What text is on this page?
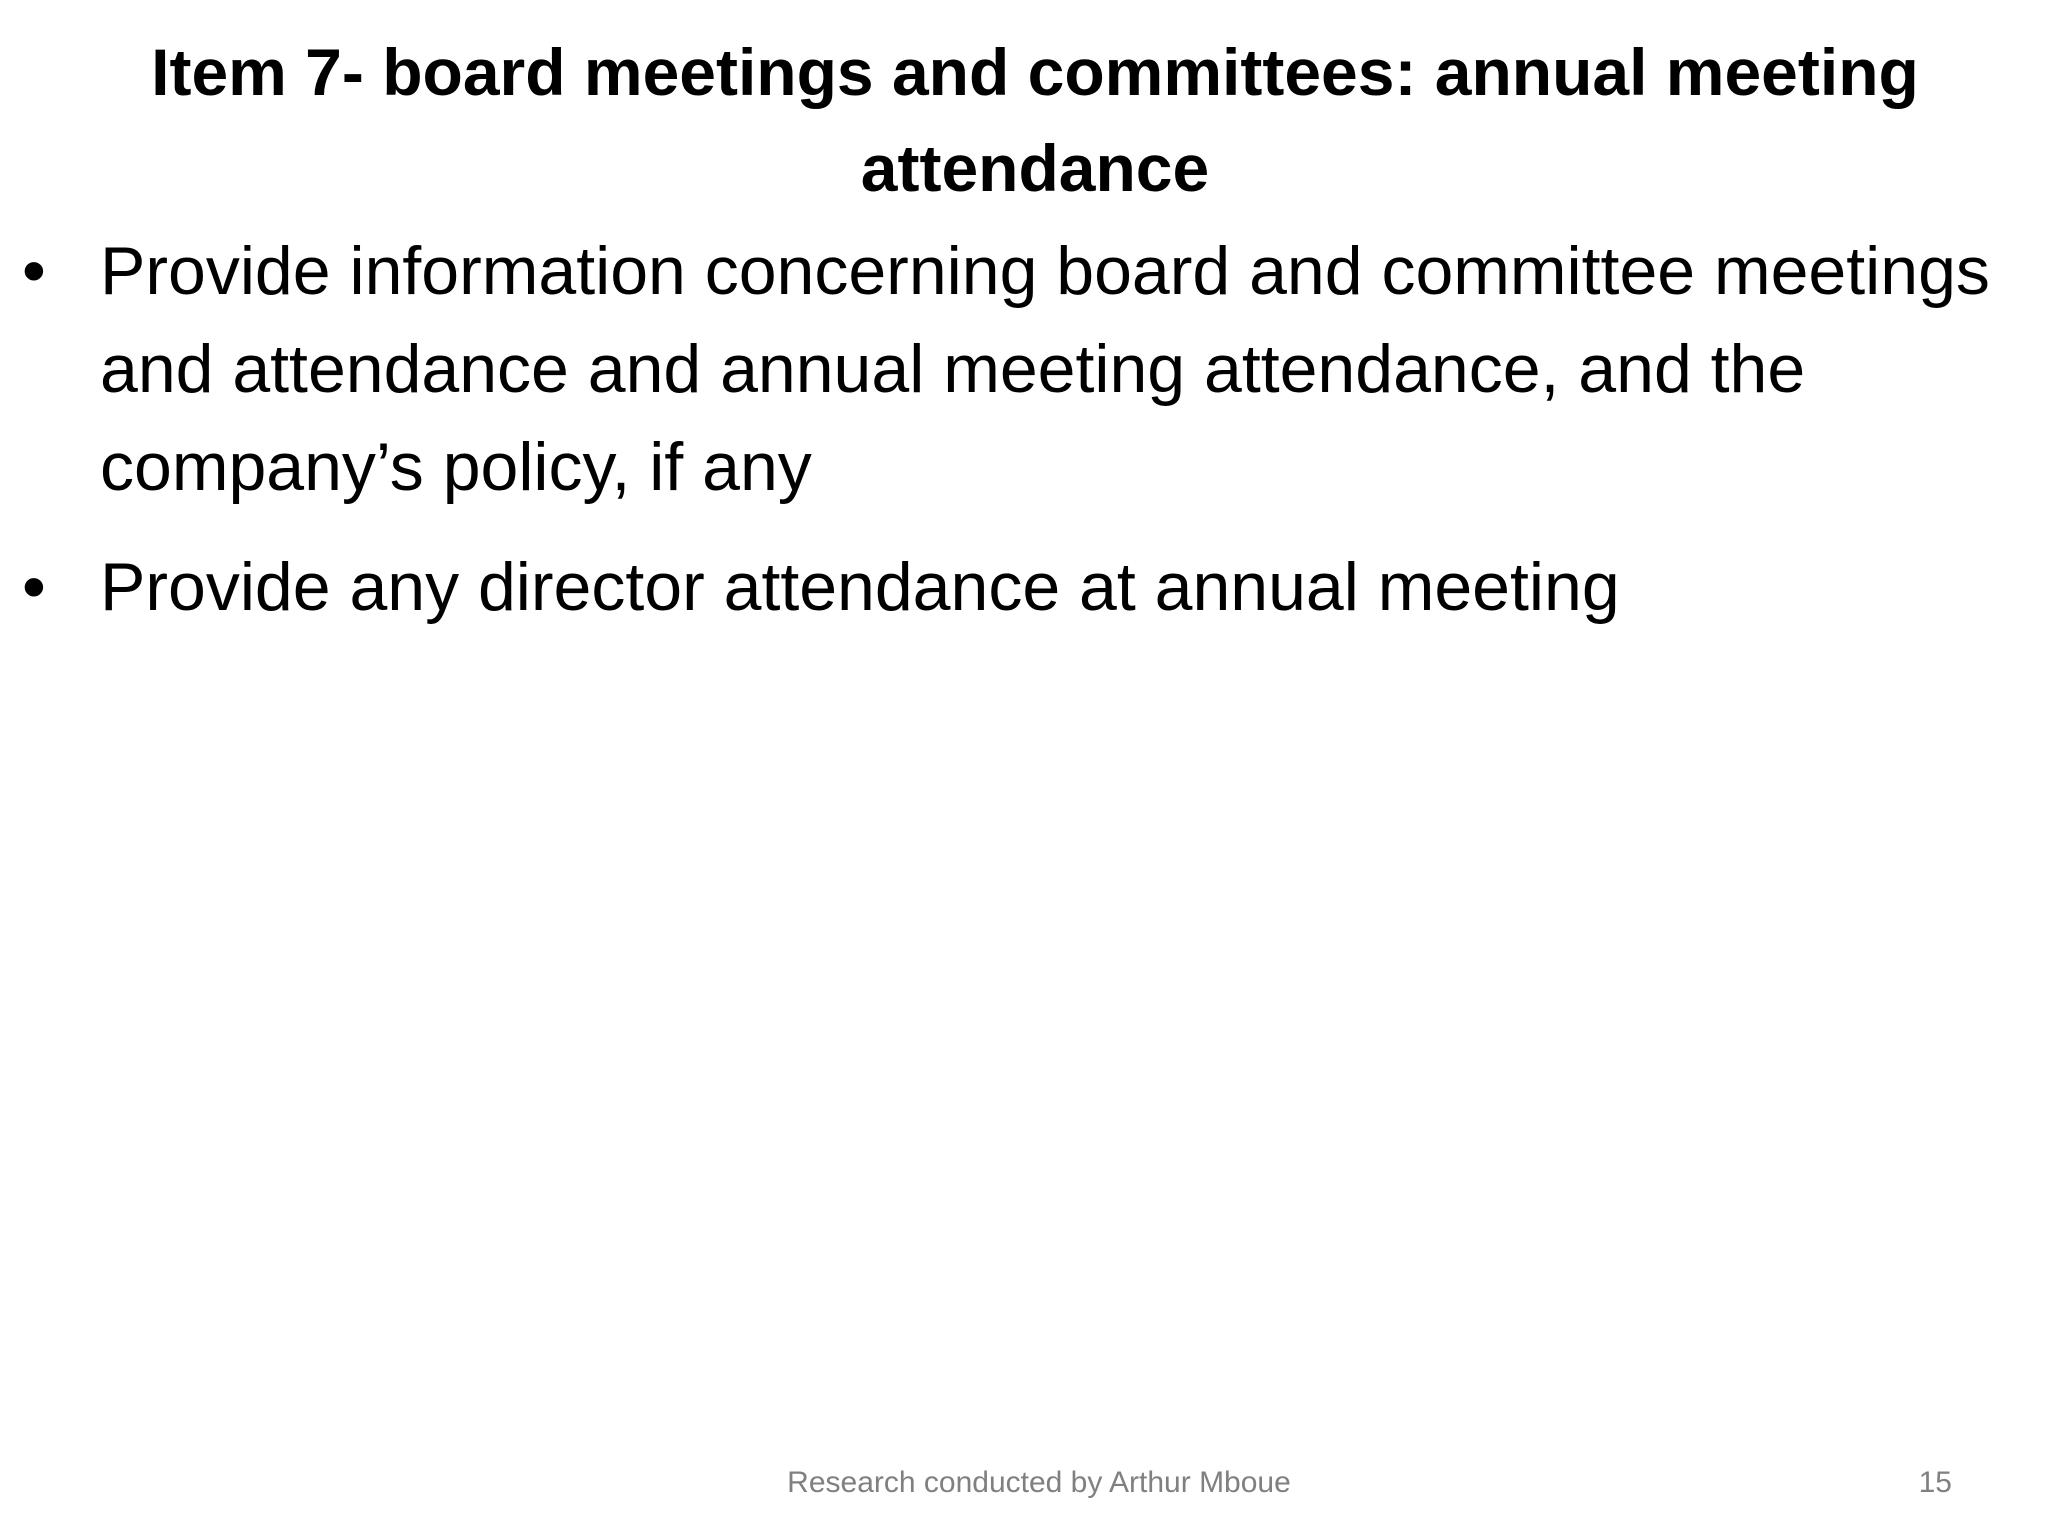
Item 7- board meetings and committees: annual meeting attendance
• Provide information concerning board and committee meetings and attendance and annual meeting attendance, and the company’s policy, if any
• Provide any director attendance at annual meeting
Research conducted by Arthur Mboue	15
